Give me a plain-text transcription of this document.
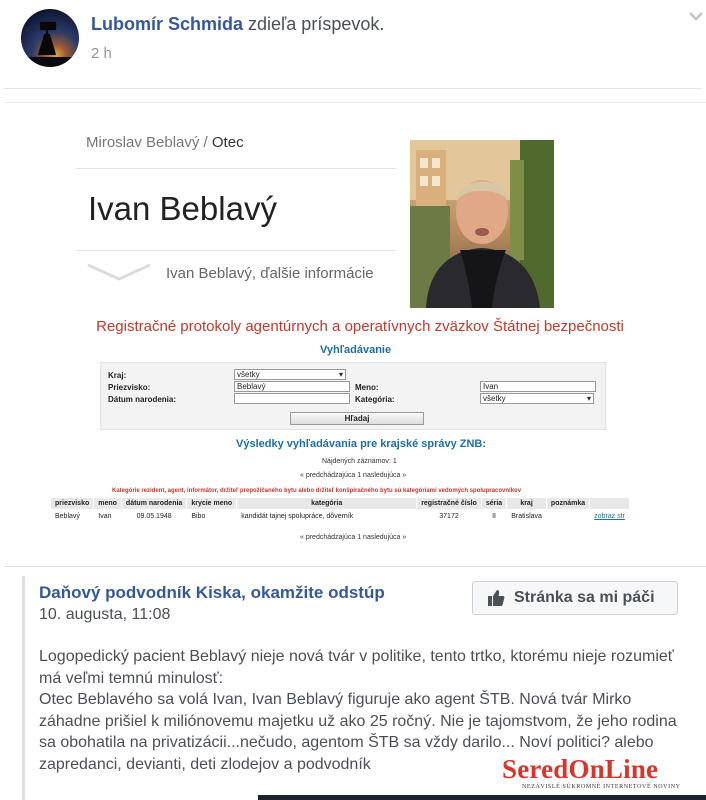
Lubomír Schmida zdieľa príspevok.
2 h
Miroslav Beblavý / Otec
Ivan Beblavý
Ivan Beblavý, ďalšie informácie
Registračné protokoly agentúrnych a operatívnych zväzkov Štátnej bezpečnosti
Vyhľadávanie
Kraj:	všetky ▾
Priezvisko:	Beblavý	Meno:	Ivan
Dátum narodenia:	Kategória:	všetky ▾
Hľadaj
Výsledky vyhľadávania pre krajské správy ZNB:
Nájdených záznamov: 1
« predchádzajúca 1 nasledujúca »
Kategórie rezident, agent, informátor, držiteľ prepožičaného bytu alebo držiteľ konšpiračného bytu sú kategóriami vedomých spolupracovníkov
priezvisko	meno	dátum narodenia	krycie meno	kategória	registračné číslo	séria	kraj	poznámka	
Beblavý	Ivan	09.05.1948	Bibo	kandidát tajnej spolupráce, dôverník	37172	II	Bratislava		zobraz str
« predchádzajúca 1 nasledujúca »
Daňový podvodník Kiska, okamžite odstúp
10. augusta, 11:08
Stránka sa mi páči

Logopedický pacient Beblavý nieje nová tvár v politike, tento trtko, ktorému nieje rozumieť má veľmi temnú minulosť:

Otec Beblavého sa volá Ivan, Ivan Beblavý figuruje ako agent ŠTB. Nová tvár Mirko záhadne prišiel k miliónovemu majetku už ako 25 ročný. Nie je tajomstvom, že jeho rodina sa obohatila na privatizácii...nečudo, agentom ŠTB sa vždy darilo... Noví politici? alebo zapredanci, devianti, deti zlodejov a podvodník	SeredOnLine
NEZÁVISLÉ SÚKROMNÉ INTERNETOVÉ NOVINY
